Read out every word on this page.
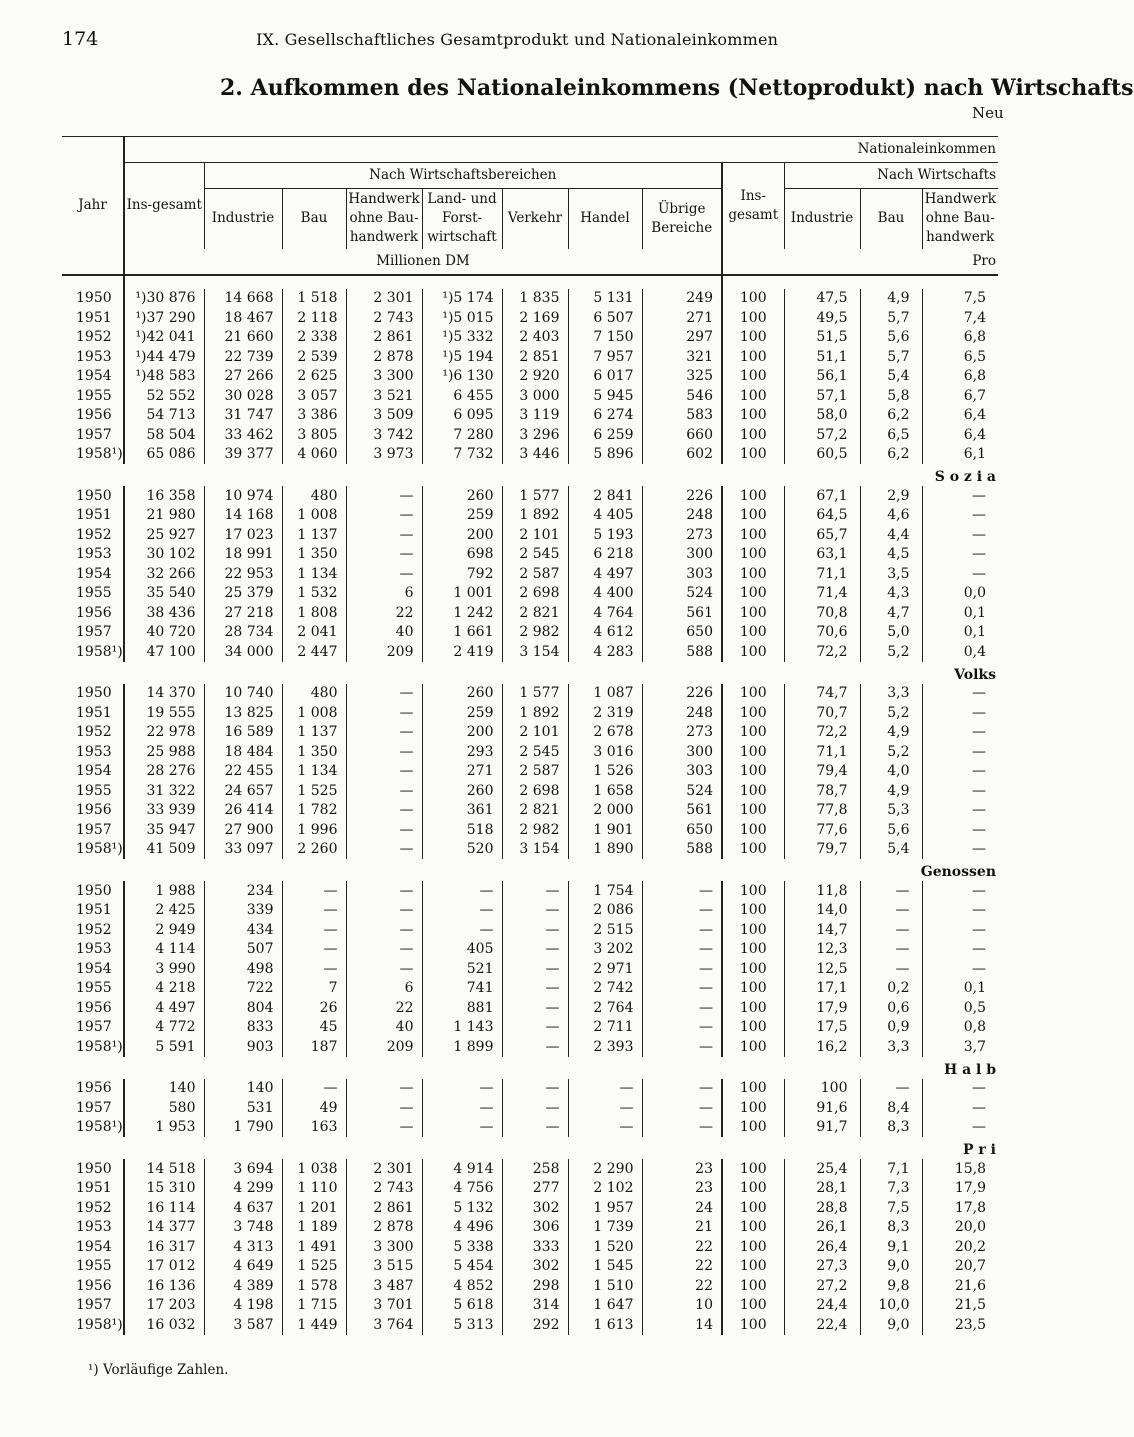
174	IX. Gesellschaftliches Gesamtprodukt und Nationaleinkommen
2. Aufkommen des Nationaleinkommens (Nettoprodukt) nach Wirtschafts
Neu
Jahr	Nationaleinkommen											
	Ins-gesamt	Nach Wirtschaftsbereichen							Ins-gesamt	Nach Wirtschafts		
		Industrie	Bau	Handwerk ohne Bau-handwerk	Land- und Forst-wirtschaft	Verkehr	Handel	Übrige Bereiche		Industrie	Bau	Handwerk ohne Bau-handwerk
	Millionen DM								Pro			

1950	¹)30 876	14 668	1 518	2 301	¹)5 174	1 835	5 131	249	100	47,5	4,9	7,5
1951	¹)37 290	18 467	2 118	2 743	¹)5 015	2 169	6 507	271	100	49,5	5,7	7,4
1952	¹)42 041	21 660	2 338	2 861	¹)5 332	2 403	7 150	297	100	51,5	5,6	6,8
1953	¹)44 479	22 739	2 539	2 878	¹)5 194	2 851	7 957	321	100	51,1	5,7	6,5
1954	¹)48 583	27 266	2 625	3 300	¹)6 130	2 920	6 017	325	100	56,1	5,4	6,8
1955	52 552	30 028	3 057	3 521	6 455	3 000	5 945	546	100	57,1	5,8	6,7
1956	54 713	31 747	3 386	3 509	6 095	3 119	6 274	583	100	58,0	6,2	6,4
1957	58 504	33 462	3 805	3 742	7 280	3 296	6 259	660	100	57,2	6,5	6,4
1958¹)	65 086	39 377	4 060	3 973	7 732	3 446	5 896	602	100	60,5	6,2	6,1
S o z i a												
1950	16 358	10 974	480	—	260	1 577	2 841	226	100	67,1	2,9	—
1951	21 980	14 168	1 008	—	259	1 892	4 405	248	100	64,5	4,6	—
1952	25 927	17 023	1 137	—	200	2 101	5 193	273	100	65,7	4,4	—
1953	30 102	18 991	1 350	—	698	2 545	6 218	300	100	63,1	4,5	—
1954	32 266	22 953	1 134	—	792	2 587	4 497	303	100	71,1	3,5	—
1955	35 540	25 379	1 532	6	1 001	2 698	4 400	524	100	71,4	4,3	0,0
1956	38 436	27 218	1 808	22	1 242	2 821	4 764	561	100	70,8	4,7	0,1
1957	40 720	28 734	2 041	40	1 661	2 982	4 612	650	100	70,6	5,0	0,1
1958¹)	47 100	34 000	2 447	209	2 419	3 154	4 283	588	100	72,2	5,2	0,4
Volks												
1950	14 370	10 740	480	—	260	1 577	1 087	226	100	74,7	3,3	—
1951	19 555	13 825	1 008	—	259	1 892	2 319	248	100	70,7	5,2	—
1952	22 978	16 589	1 137	—	200	2 101	2 678	273	100	72,2	4,9	—
1953	25 988	18 484	1 350	—	293	2 545	3 016	300	100	71,1	5,2	—
1954	28 276	22 455	1 134	—	271	2 587	1 526	303	100	79,4	4,0	—
1955	31 322	24 657	1 525	—	260	2 698	1 658	524	100	78,7	4,9	—
1956	33 939	26 414	1 782	—	361	2 821	2 000	561	100	77,8	5,3	—
1957	35 947	27 900	1 996	—	518	2 982	1 901	650	100	77,6	5,6	—
1958¹)	41 509	33 097	2 260	—	520	3 154	1 890	588	100	79,7	5,4	—
Genossen												
1950	1 988	234	—	—	—	—	1 754	—	100	11,8	—	—
1951	2 425	339	—	—	—	—	2 086	—	100	14,0	—	—
1952	2 949	434	—	—	—	—	2 515	—	100	14,7	—	—
1953	4 114	507	—	—	405	—	3 202	—	100	12,3	—	—
1954	3 990	498	—	—	521	—	2 971	—	100	12,5	—	—
1955	4 218	722	7	6	741	—	2 742	—	100	17,1	0,2	0,1
1956	4 497	804	26	22	881	—	2 764	—	100	17,9	0,6	0,5
1957	4 772	833	45	40	1 143	—	2 711	—	100	17,5	0,9	0,8
1958¹)	5 591	903	187	209	1 899	—	2 393	—	100	16,2	3,3	3,7
H a l b												
1956	140	140	—	—	—	—	—	—	100	100	—	—
1957	580	531	49	—	—	—	—	—	100	91,6	8,4	—
1958¹)	1 953	1 790	163	—	—	—	—	—	100	91,7	8,3	—
P r i												
1950	14 518	3 694	1 038	2 301	4 914	258	2 290	23	100	25,4	7,1	15,8
1951	15 310	4 299	1 110	2 743	4 756	277	2 102	23	100	28,1	7,3	17,9
1952	16 114	4 637	1 201	2 861	5 132	302	1 957	24	100	28,8	7,5	17,8
1953	14 377	3 748	1 189	2 878	4 496	306	1 739	21	100	26,1	8,3	20,0
1954	16 317	4 313	1 491	3 300	5 338	333	1 520	22	100	26,4	9,1	20,2
1955	17 012	4 649	1 525	3 515	5 454	302	1 545	22	100	27,3	9,0	20,7
1956	16 136	4 389	1 578	3 487	4 852	298	1 510	22	100	27,2	9,8	21,6
1957	17 203	4 198	1 715	3 701	5 618	314	1 647	10	100	24,4	10,0	21,5
1958¹)	16 032	3 587	1 449	3 764	5 313	292	1 613	14	100	22,4	9,0	23,5
¹) Vorläufige Zahlen.
